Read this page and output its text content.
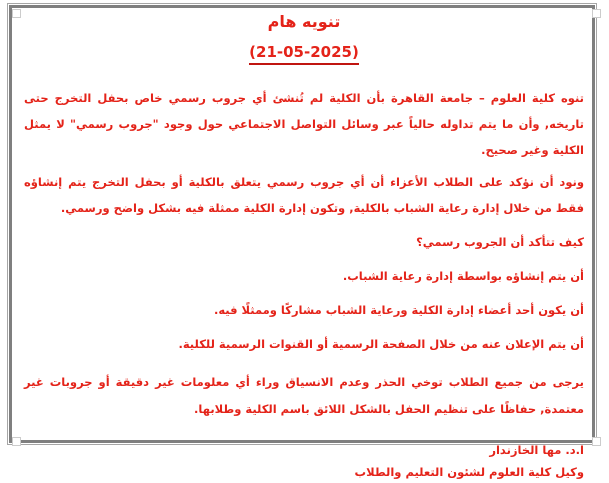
تنويه هام
(21-05-2025)

تنوه كلية العلوم – جامعة القاهرة بأن الكلية لم تُنشئ أي جروب رسمي خاص بحفل التخرج حتى تاريخه, وأن ما يتم تداوله حالياً عبر وسائل التواصل الاجتماعي حول وجود "جروب رسمي" لا يمثل الكلية وغير صحيح.

ونود أن نؤكد على الطلاب الأعزاء أن أي جروب رسمي يتعلق بالكلية أو بحفل التخرج يتم إنشاؤه فقط من خلال إدارة رعاية الشباب بالكلية, وتكون إدارة الكلية ممثلة فيه بشكل واضح ورسمي.

كيف تتأكد أن الجروب رسمي؟

أن يتم إنشاؤه بواسطة إدارة رعاية الشباب.

أن يكون أحد أعضاء إدارة الكلية ورعاية الشباب مشاركًا وممثلًا فيه.

أن يتم الإعلان عنه من خلال الصفحة الرسمية أو القنوات الرسمية للكلية.

يرجى من جميع الطلاب توخي الحذر وعدم الانسياق وراء أي معلومات غير دقيقة أو جروبات غير معتمدة, حفاظًا على تنظيم الحفل بالشكل اللائق باسم الكلية وطلابها.

ا.د. مها الخازندار
وكيل كلية العلوم لشئون التعليم والطلاب
